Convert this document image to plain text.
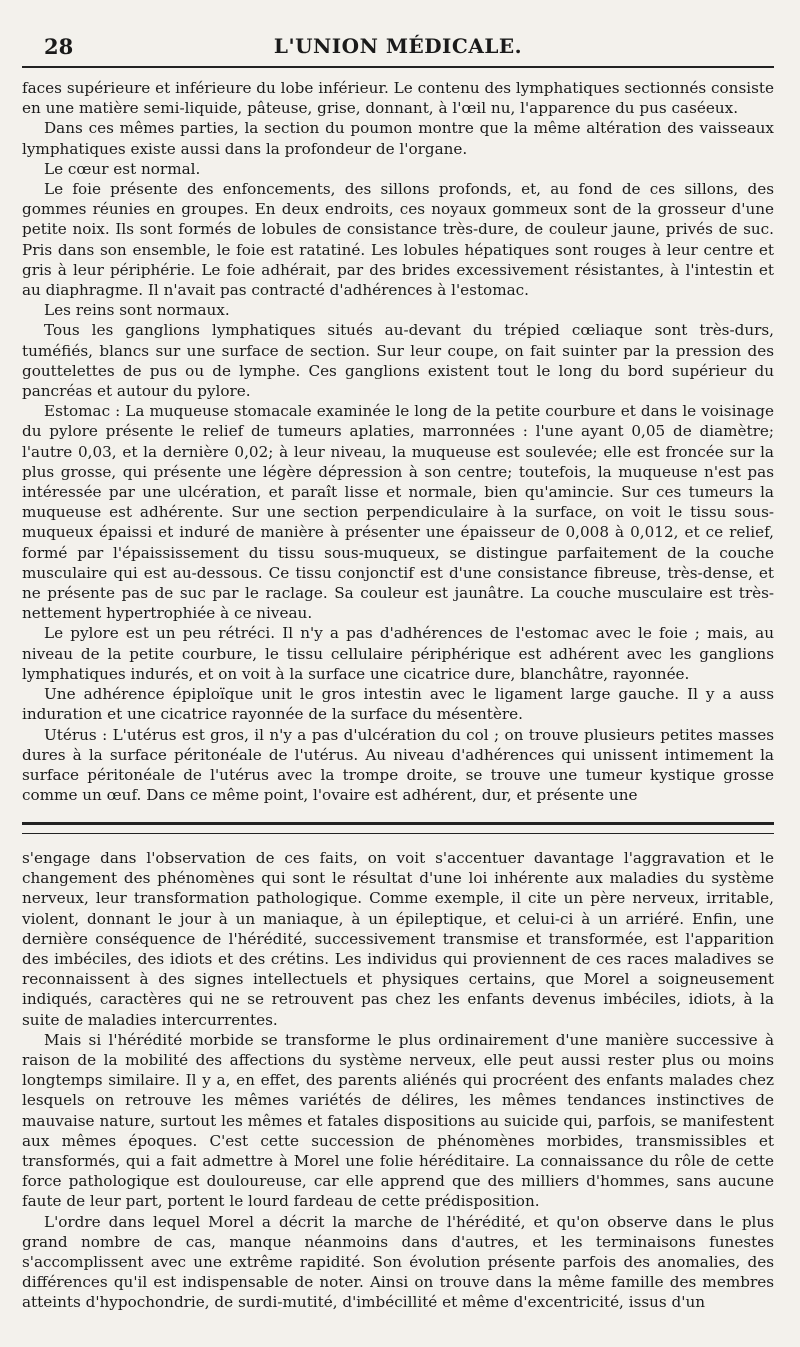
28	L'UNION MÉDICALE.

faces supérieure et inférieure du lobe inférieur. Le contenu des lymphatiques sectionnés consiste en une matière semi-liquide, pâteuse, grise, donnant, à l'œil nu, l'apparence du pus caséeux.

Dans ces mêmes parties, la section du poumon montre que la même altération des vaisseaux lymphatiques existe aussi dans la profondeur de l'organe.

Le cœur est normal.

Le foie présente des enfoncements, des sillons profonds, et, au fond de ces sillons, des gommes réunies en groupes. En deux endroits, ces noyaux gommeux sont de la grosseur d'une petite noix. Ils sont formés de lobules de consistance très-dure, de couleur jaune, privés de suc. Pris dans son ensemble, le foie est ratatiné. Les lobules hépatiques sont rouges à leur centre et gris à leur périphérie. Le foie adhérait, par des brides excessivement résistantes, à l'intestin et au diaphragme. Il n'avait pas contracté d'adhérences à l'estomac.

Les reins sont normaux.

Tous les ganglions lymphatiques situés au-devant du trépied cœliaque sont très-durs, tuméfiés, blancs sur une surface de section. Sur leur coupe, on fait suinter par la pression des gouttelettes de pus ou de lymphe. Ces ganglions existent tout le long du bord supérieur du pancréas et autour du pylore.

Estomac : La muqueuse stomacale examinée le long de la petite courbure et dans le voisinage du pylore présente le relief de tumeurs aplaties, marronnées : l'une ayant 0,05 de diamètre; l'autre 0,03, et la dernière 0,02; à leur niveau, la muqueuse est soulevée; elle est froncée sur la plus grosse, qui présente une légère dépression à son centre; toutefois, la muqueuse n'est pas intéressée par une ulcération, et paraît lisse et normale, bien qu'amincie. Sur ces tumeurs la muqueuse est adhérente. Sur une section perpendiculaire à la surface, on voit le tissu sous-muqueux épaissi et induré de manière à présenter une épaisseur de 0,008 à 0,012, et ce relief, formé par l'épaississement du tissu sous-muqueux, se distingue parfaitement de la couche musculaire qui est au-dessous. Ce tissu conjonctif est d'une consistance fibreuse, très-dense, et ne présente pas de suc par le raclage. Sa couleur est jaunâtre. La couche musculaire est très-nettement hypertrophiée à ce niveau.

Le pylore est un peu rétréci. Il n'y a pas d'adhérences de l'estomac avec le foie ; mais, au niveau de la petite courbure, le tissu cellulaire périphérique est adhérent avec les ganglions lymphatiques indurés, et on voit à la surface une cicatrice dure, blanchâtre, rayonnée.

Une adhérence épiploïque unit le gros intestin avec le ligament large gauche. Il y a auss induration et une cicatrice rayonnée de la surface du mésentère.

Utérus : L'utérus est gros, il n'y a pas d'ulcération du col ; on trouve plusieurs petites masses dures à la surface péritonéale de l'utérus. Au niveau d'adhérences qui unissent intimement la surface péritonéale de l'utérus avec la trompe droite, se trouve une tumeur kystique grosse comme un œuf. Dans ce même point, l'ovaire est adhérent, dur, et présente une

s'engage dans l'observation de ces faits, on voit s'accentuer davantage l'aggravation et le changement des phénomènes qui sont le résultat d'une loi inhérente aux maladies du système nerveux, leur transformation pathologique. Comme exemple, il cite un père nerveux, irritable, violent, donnant le jour à un maniaque, à un épileptique, et celui-ci à un arriéré. Enfin, une dernière conséquence de l'hérédité, successivement transmise et transformée, est l'apparition des imbéciles, des idiots et des crétins. Les individus qui proviennent de ces races maladives se reconnaissent à des signes intellectuels et physiques certains, que Morel a soigneusement indiqués, caractères qui ne se retrouvent pas chez les enfants devenus imbéciles, idiots, à la suite de maladies intercurrentes.

Mais si l'hérédité morbide se transforme le plus ordinairement d'une manière successive à raison de la mobilité des affections du système nerveux, elle peut aussi rester plus ou moins longtemps similaire. Il y a, en effet, des parents aliénés qui procréent des enfants malades chez lesquels on retrouve les mêmes variétés de délires, les mêmes tendances instinctives de mauvaise nature, surtout les mêmes et fatales dispositions au suicide qui, parfois, se manifestent aux mêmes époques. C'est cette succession de phénomènes morbides, transmissibles et transformés, qui a fait admettre à Morel une folie héréditaire. La connaissance du rôle de cette force pathologique est douloureuse, car elle apprend que des milliers d'hommes, sans aucune faute de leur part, portent le lourd fardeau de cette prédisposition.

L'ordre dans lequel Morel a décrit la marche de l'hérédité, et qu'on observe dans le plus grand nombre de cas, manque néanmoins dans d'autres, et les terminaisons funestes s'accomplissent avec une extrême rapidité. Son évolution présente parfois des anomalies, des différences qu'il est indispensable de noter. Ainsi on trouve dans la même famille des membres atteints d'hypochondrie, de surdi-mutité, d'imbécillité et même d'excentricité, issus d'un
